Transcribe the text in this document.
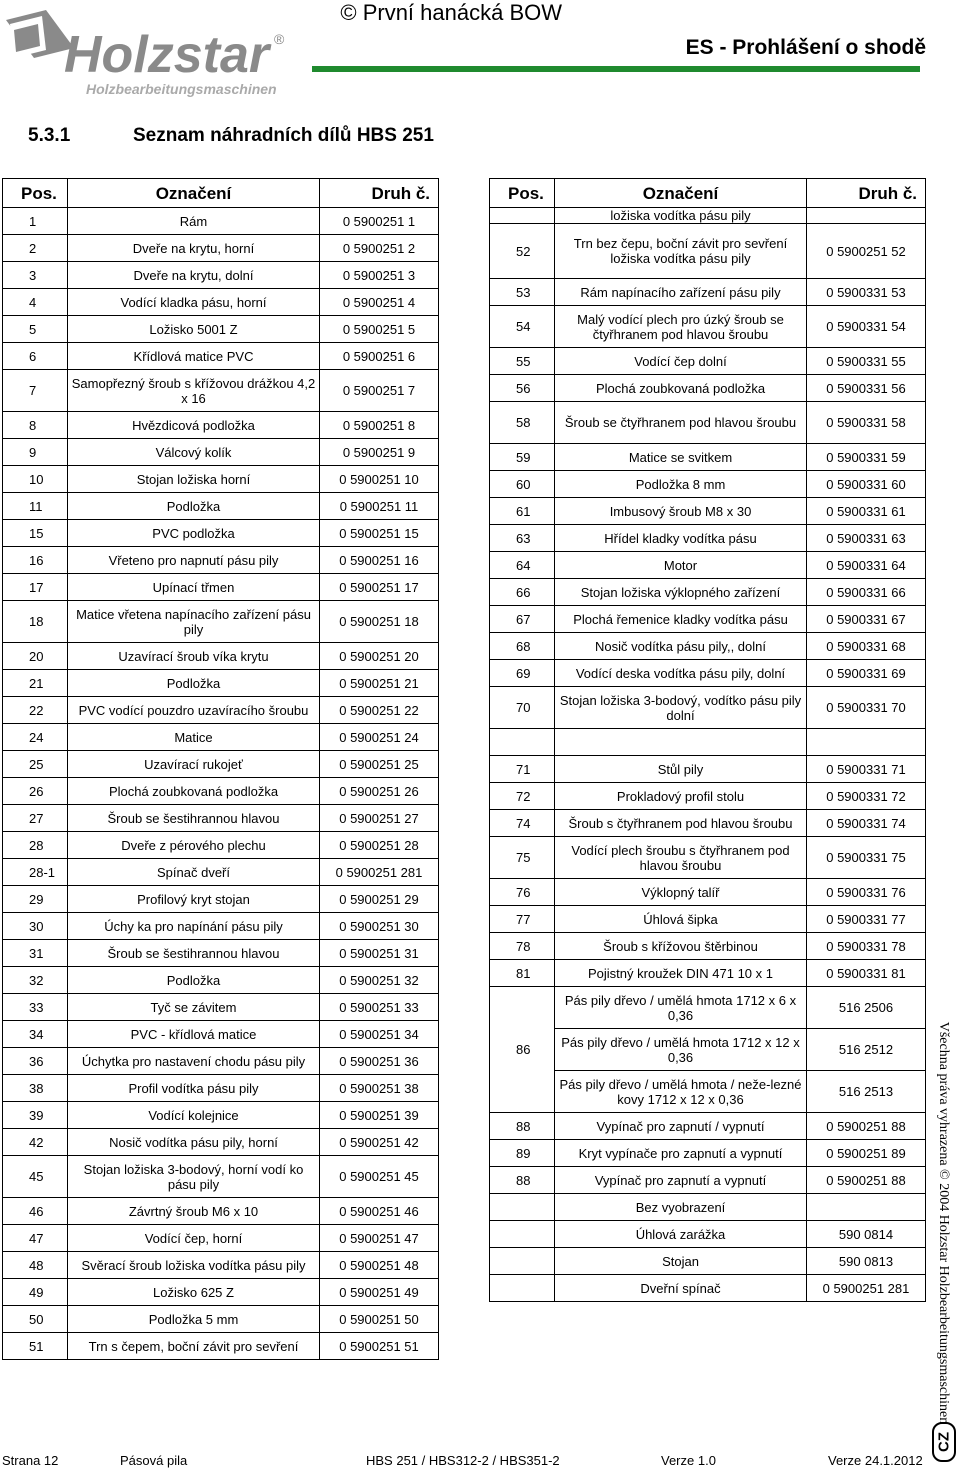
Holzstar ®
Holzbearbeitungsmaschinen
© První hanácká BOW
ES - Prohlášení o shodě
5.3.1	Seznam náhradních dílů HBS 251
Pos.	Označení	Druh č.
1	Rám	0 5900251 1
2	Dveře na krytu, horní	0 5900251 2
3	Dveře na krytu, dolní	0 5900251 3
4	Vodící kladka pásu, horní	0 5900251 4
5	Ložisko 5001 Z	0 5900251 5
6	Křídlová matice PVC	0 5900251 6
7	Samopřezný šroub s křížovou drážkou 4,2 x 16	0 5900251 7
8	Hvězdicová podložka	0 5900251 8
9	Válcový kolík	0 5900251 9
10	Stojan ložiska horní	0 5900251 10
11	Podložka	0 5900251 11
15	PVC podložka	0 5900251 15
16	Vřeteno pro napnutí pásu pily	0 5900251 16
17	Upínací třmen	0 5900251 17
18	Matice vřetena napínacího zařízení pásu pily	0 5900251 18
20	Uzavírací šroub víka krytu	0 5900251 20
21	Podložka	0 5900251 21
22	PVC vodící pouzdro uzavíracího šroubu	0 5900251 22
24	Matice	0 5900251 24
25	Uzavírací rukojeť	0 5900251 25
26	Plochá zoubkovaná podložka	0 5900251 26
27	Šroub se šestihrannou hlavou	0 5900251 27
28	Dveře z pérového plechu	0 5900251 28
28-1	Spínač dveří	0 5900251 281
29	Profilový kryt stojan	0 5900251 29
30	Úchy ka pro napínání pásu pily	0 5900251 30
31	Šroub se šestihrannou hlavou	0 5900251 31
32	Podložka	0 5900251 32
33	Tyč se závitem	0 5900251 33
34	PVC - křídlová matice	0 5900251 34
36	Úchytka pro nastavení chodu pásu pily	0 5900251 36
38	Profil vodítka pásu pily	0 5900251 38
39	Vodící kolejnice	0 5900251 39
42	Nosič vodítka pásu pily, horní	0 5900251 42
45	Stojan ložiska 3-bodový, horní vodí ko pásu pily	0 5900251 45
46	Závrtný šroub M6 x 10	0 5900251 46
47	Vodící čep, horní	0 5900251 47
48	Svěrací šroub ložiska vodítka pásu pily	0 5900251 48
49	Ložisko 625 Z	0 5900251 49
50	Podložka 5 mm	0 5900251 50
51	Trn s čepem, boční závit pro sevření	0 5900251 51
Pos.	Označení	Druh č.
	ložiska vodítka pásu pily	
52	Trn bez čepu, boční závit pro sevření ložiska vodítka pásu pily	0 5900251 52
53	Rám napínacího zařízení pásu pily	0 5900331 53
54	Malý vodící plech pro úzký šroub se čtyřhranem pod hlavou šroubu	0 5900331 54
55	Vodící čep dolní	0 5900331 55
56	Plochá zoubkovaná podložka	0 5900331 56
58	Šroub se čtyřhranem pod hlavou šroubu	0 5900331 58
59	Matice se svitkem	0 5900331 59
60	Podložka 8 mm	0 5900331 60
61	Imbusový šroub M8 x 30	0 5900331 61
63	Hřídel kladky vodítka pásu	0 5900331 63
64	Motor	0 5900331 64
66	Stojan ložiska výklopného zařízení	0 5900331 66
67	Plochá řemenice kladky vodítka pásu	0 5900331 67
68	Nosič vodítka pásu pily,, dolní	0 5900331 68
69	Vodící deska vodítka pásu pily, dolní	0 5900331 69
70	Stojan ložiska 3-bodový, vodítko pásu pily dolní	0 5900331 70

71	Stůl pily	0 5900331 71
72	Prokladový profil stolu	0 5900331 72
74	Šroub s čtyřhranem pod hlavou šroubu	0 5900331 74
75	Vodící plech šroubu s čtyřhranem pod hlavou šroubu	0 5900331 75
76	Výklopný talíř	0 5900331 76
77	Úhlová šipka	0 5900331 77
78	Šroub s křížovou štěrbinou	0 5900331 78
81	Pojistný kroužek DIN 471 10 x 1	0 5900331 81
86	Pás pily dřevo / umělá hmota 1712 x 6 x 0,36	516 2506
	Pás pily dřevo / umělá hmota 1712 x 12 x 0,36	516 2512
	Pás pily dřevo / umělá hmota / neže-lezné kovy 1712 x 12 x 0,36	516 2513
88	Vypínač pro zapnutí / vypnutí	0 5900251 88
89	Kryt vypínače pro zapnutí a vypnutí	0 5900251 89
88	Vypínač pro zapnutí a vypnutí	0 5900251 88
	Bez vyobrazení	
	Úhlová zarážka	590 0814
	Stojan	590 0813
	Dveřní spínač	0 5900251 281 Všechna práva vyhrazena © 2004 Holzstar Holzbearbeitungsmaschinen
CZ
Strana 12	Pásová pila	HBS 251 / HBS312-2 / HBS351-2	Verze 1.0	Verze 24.1.2012
